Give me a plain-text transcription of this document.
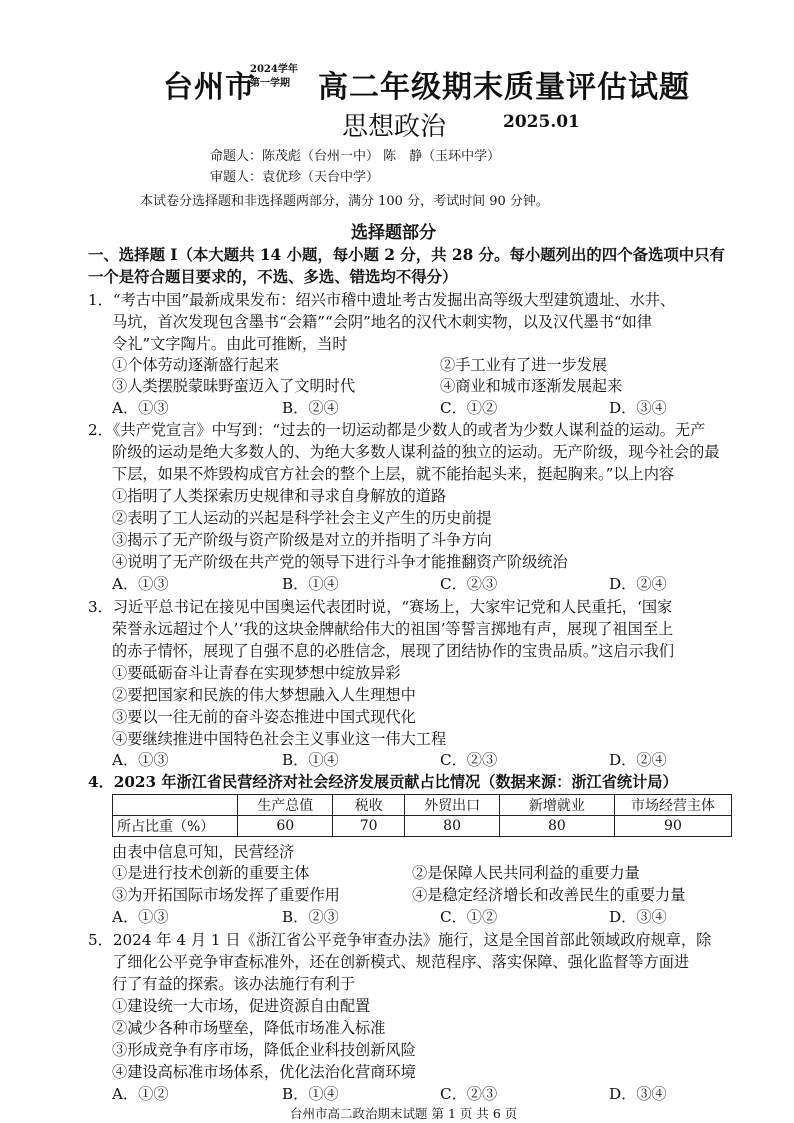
台州市
2024学年
第一学期 高二年级期末质量评估试题
思想政治	2025.01
命题人：陈茂彪（台州一中） 陈　静（玉环中学）
审题人：袁优珍（天台中学）
本试卷分选择题和非选择题两部分，满分 100 分，考试时间 90 分钟。
选择题部分
一、选择题 I（本大题共 14 小题，每小题 2 分，共 28 分。每小题列出的四个备选项中只有
一个是符合题目要求的，不选、多选、错选均不得分）
1．“考古中国”最新成果发布：绍兴市稽中遗址考古发掘出高等级大型建筑遗址、水井、
马坑，首次发现包含墨书“会籍”“会阴”地名的汉代木刺实物，以及汉代墨书“如律
令礼”文字陶片。由此可推断，当时
①个体劳动逐渐盛行起来	②手工业有了进一步发展
③人类摆脱蒙昧野蛮迈入了文明时代	④商业和城市逐渐发展起来
A．①③	B．②④	C．①②	D．③④
2．《共产党宣言》中写到：“过去的一切运动都是少数人的或者为少数人谋利益的运动。无产
阶级的运动是绝大多数人的、为绝大多数人谋利益的独立的运动。无产阶级，现今社会的最
下层，如果不炸毁构成官方社会的整个上层，就不能抬起头来，挺起胸来。”以上内容
①指明了人类探索历史规律和寻求自身解放的道路
②表明了工人运动的兴起是科学社会主义产生的历史前提
③揭示了无产阶级与资产阶级是对立的并指明了斗争方向
④说明了无产阶级在共产党的领导下进行斗争才能推翻资产阶级统治
A．①③	B．①④	C．②③	D．②④
3．习近平总书记在接见中国奥运代表团时说，“赛场上，大家牢记党和人民重托，‘国家
荣誉永远超过个人’‘我的这块金牌献给伟大的祖国’等誓言掷地有声，展现了祖国至上
的赤子情怀，展现了自强不息的必胜信念，展现了团结协作的宝贵品质。”这启示我们
①要砥砺奋斗让青春在实现梦想中绽放异彩
②要把国家和民族的伟大梦想融入人生理想中
③要以一往无前的奋斗姿态推进中国式现代化
④要继续推进中国特色社会主义事业这一伟大工程
A．①③	B．①④	C．②③	D．②④
4．2023 年浙江省民营经济对社会经济发展贡献占比情况（数据来源：浙江省统计局）
	生产总值	税收	外贸出口	新增就业	市场经营主体
所占比重（%）	60	70	80	80	90
由表中信息可知，民营经济
①是进行技术创新的重要主体	②是保障人民共同利益的重要力量
③为开拓国际市场发挥了重要作用	④是稳定经济增长和改善民生的重要力量
A．①③	B．②③	C．①②	D．③④
5．2024 年 4 月 1 日《浙江省公平竞争审查办法》施行，这是全国首部此领域政府规章，除
了细化公平竞争审查标准外，还在创新模式、规范程序、落实保障、强化监督等方面进
行了有益的探索。该办法施行有利于
①建设统一大市场，促进资源自由配置
②减少各种市场壁垒，降低市场准入标准
③形成竞争有序市场，降低企业科技创新风险
④建设高标准市场体系，优化法治化营商环境
A．①②	B．①④	C．②③	D．③④
台州市高二政治期末试题 第 1 页 共 6 页
